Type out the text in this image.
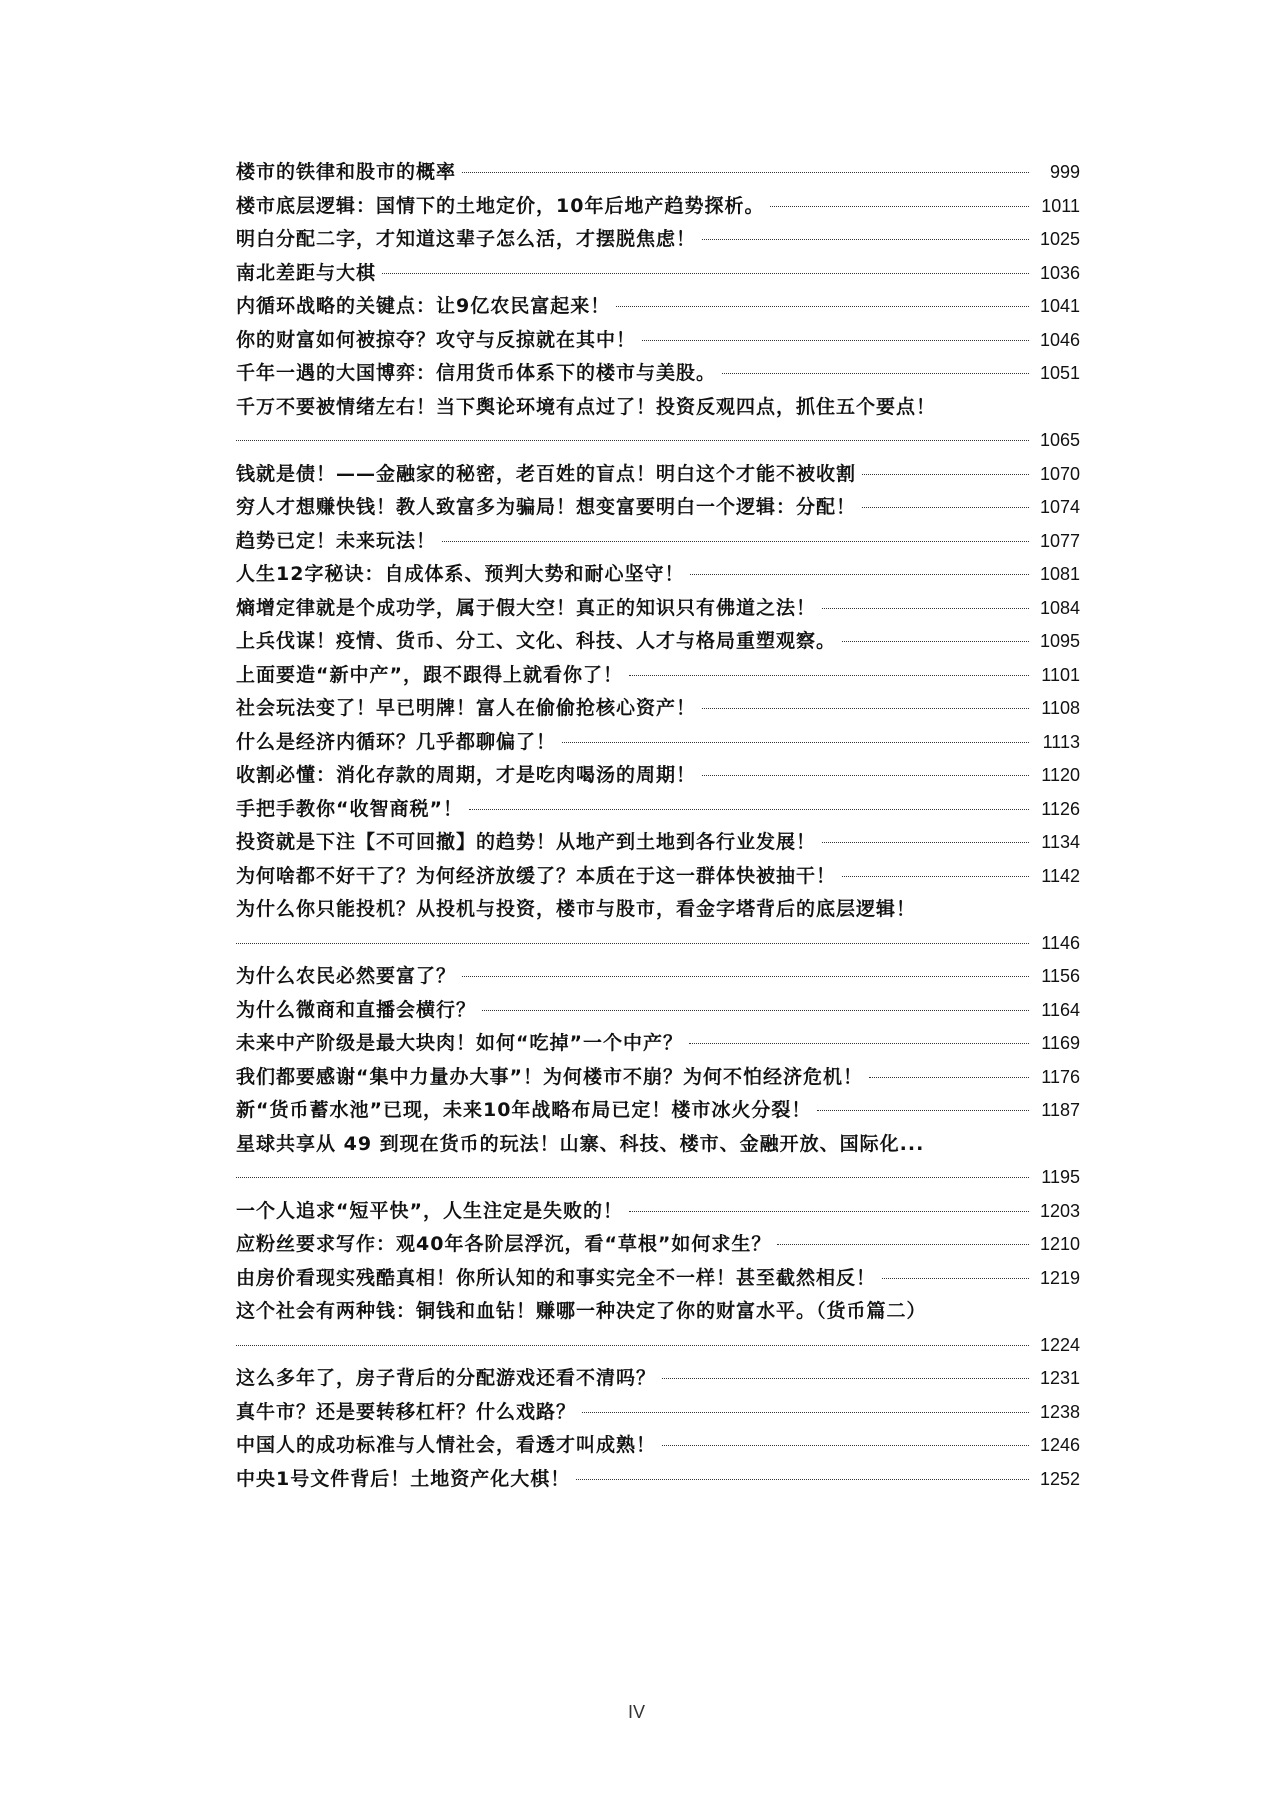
楼市的铁律和股市的概率	999
楼市底层逻辑：国情下的土地定价，10年后地产趋势探析。	1011
明白分配二字，才知道这辈子怎么活，才摆脱焦虑！	1025
南北差距与大棋	1036
内循环战略的关键点：让9亿农民富起来！	1041
你的财富如何被掠夺？攻守与反掠就在其中！	1046
千年一遇的大国博弈：信用货币体系下的楼市与美股。	1051
千万不要被情绪左右！当下舆论环境有点过了！投资反观四点，抓住五个要点！
1065
钱就是债！——金融家的秘密，老百姓的盲点！明白这个才能不被收割	1070
穷人才想赚快钱！教人致富多为骗局！想变富要明白一个逻辑：分配！	1074
趋势已定！未来玩法！	1077
人生12字秘诀：自成体系、预判大势和耐心坚守！	1081
熵增定律就是个成功学，属于假大空！真正的知识只有佛道之法！	1084
上兵伐谋！疫情、货币、分工、文化、科技、人才与格局重塑观察。	1095
上面要造“新中产”，跟不跟得上就看你了！	1101
社会玩法变了！早已明牌！富人在偷偷抢核心资产！	1108
什么是经济内循环？几乎都聊偏了！	1113
收割必懂：消化存款的周期，才是吃肉喝汤的周期！	1120
手把手教你“收智商税”！	1126
投资就是下注【不可回撤】的趋势！从地产到土地到各行业发展！	1134
为何啥都不好干了？为何经济放缓了？本质在于这一群体快被抽干！	1142
为什么你只能投机？从投机与投资，楼市与股市，看金字塔背后的底层逻辑！
1146
为什么农民必然要富了？	1156
为什么微商和直播会横行？	1164
未来中产阶级是最大块肉！如何“吃掉”一个中产？	1169
我们都要感谢“集中力量办大事”！为何楼市不崩？为何不怕经济危机！	1176
新“货币蓄水池”已现，未来10年战略布局已定！楼市冰火分裂！	1187
星球共享从 49 到现在货币的玩法！山寨、科技、楼市、金融开放、国际化...
1195
一个人追求“短平快”，人生注定是失败的！	1203
应粉丝要求写作：观40年各阶层浮沉，看“草根”如何求生？	1210
由房价看现实残酷真相！你所认知的和事实完全不一样！甚至截然相反！	1219
这个社会有两种钱：铜钱和血钻！赚哪一种决定了你的财富水平。（货币篇二）
1224
这么多年了，房子背后的分配游戏还看不清吗？	1231
真牛市？还是要转移杠杆？什么戏路？	1238
中国人的成功标准与人情社会，看透才叫成熟！	1246
中央1号文件背后！土地资产化大棋！	1252
IV
